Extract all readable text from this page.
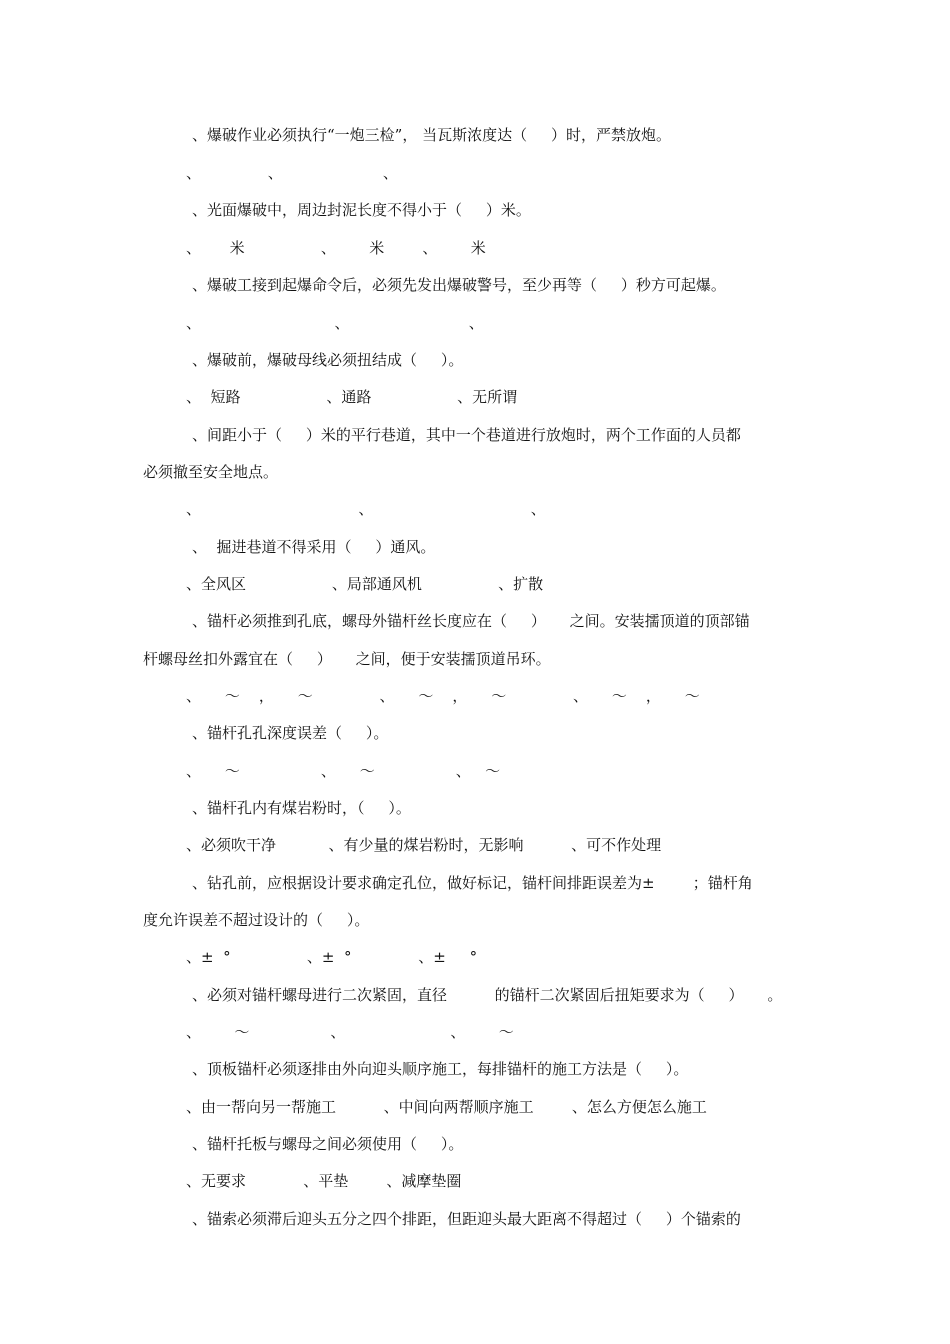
、爆破作业必须执行“一炮三检”， 当瓦斯浓度达（     ）时，严禁放炮。
、              、                     、
、光面爆破中，周边封泥长度不得小于（     ）米。
、      米                、       米        、       米
、爆破工接到起爆命令后，必须先发出爆破警号，至少再等（     ）秒方可起爆。
、                            、                         、
、爆破前，爆破母线必须扭结成（     ）。
、  短路                  、通路                  、无所谓
、间距小于（     ）米的平行巷道，其中一个巷道进行放炮时，两个工作面的人员都
必须撤至安全地点。
、                                 、                                 、
、  掘进巷道不得采用（     ）通风。
、全风区                  、局部通风机                、扩散
、锚杆必须推到孔底，螺母外锚杆丝长度应在（     ）     之间。安装擩顶道的顶部锚
杆螺母丝扣外露宜在（     ）     之间，便于安装擩顶道吊环。
、     ～    ，     ～              、     ～    ，     ～              、     ～    ，     ～
、锚杆孔孔深度误差（     ）。
、     ～                 、     ～                 、   ～
、锚杆孔内有煤岩粉时，（     ）。
、必须吹干净           、有少量的煤岩粉时，无影响          、可不作处理
、钻孔前，应根据设计要求确定孔位，做好标记，锚杆间排距误差为±        ；锚杆角
度允许误差不超过设计的（     ）。
、±  °                、±  °              、±     °
、必须对锚杆螺母进行二次紧固，直径          的锚杆二次紧固后扭矩要求为（     ）     。
、       ～                 、                      、       ～
、顶板锚杆必须逐排由外向迎头顺序施工，每排锚杆的施工方法是（     ）。
、由一帮向另一帮施工          、中间向两帮顺序施工        、怎么方便怎么施工
、锚杆托板与螺母之间必须使用（     ）。
、无要求            、平垫        、减摩垫圈
、锚索必须滞后迎头五分之四个排距，但距迎头最大距离不得超过（     ）个锚索的
